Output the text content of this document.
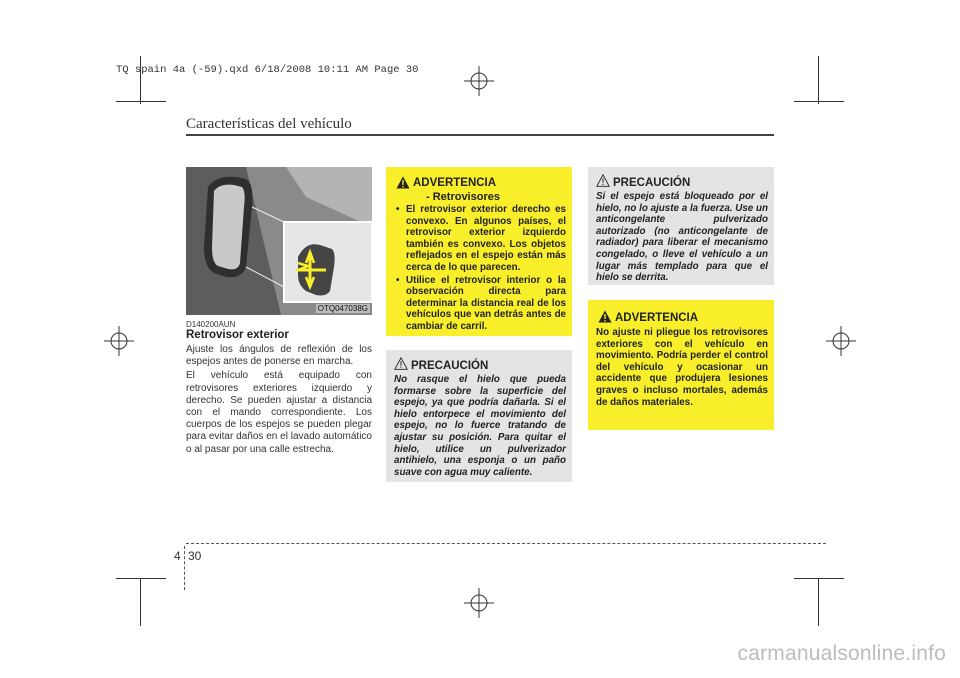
TQ spain 4a (-59).qxd 6/18/2008 10:11 AM Page 30
Características del vehículo
OTQ047038G
D140200AUN
Retrovisor exterior

Ajuste los ángulos de reflexión de los espejos antes de ponerse en marcha.

El vehículo está equipado con retrovisores exteriores izquierdo y derecho. Se pueden ajustar a distancia con el mando correspondiente. Los cuerpos de los espejos se pueden plegar para evitar daños en el lavado automático o al pasar por una calle estrecha.

ADVERTENCIA
- Retrovisores
• El retrovisor exterior derecho es convexo. En algunos países, el retrovisor exterior izquierdo también es convexo. Los objetos reflejados en el espejo están más cerca de lo que parecen.
• Utilice el retrovisor interior o la observación directa para determinar la distancia real de los vehículos que van detrás antes de cambiar de carril.
PRECAUCIÓN
No rasque el hielo que pueda formarse sobre la superficie del espejo, ya que podría dañarla. Si el hielo entorpece el movimiento del espejo, no lo fuerce tratando de ajustar su posición. Para quitar el hielo, utilice un pulverizador antihielo, una esponja o un paño suave con agua muy caliente.
PRECAUCIÓN
Si el espejo está bloqueado por el hielo, no lo ajuste a la fuerza. Use un anticongelante pulverizado autorizado (no anticongelante de radiador) para liberar el mecanismo congelado, o lleve el vehículo a un lugar más templado para que el hielo se derrita.
ADVERTENCIA
No ajuste ni pliegue los retrovisores exteriores con el vehículo en movimiento. Podría perder el control del vehículo y ocasionar un accidente que produjera lesiones graves o incluso mortales, además de daños materiales.
4 30
carmanualsonline.info
